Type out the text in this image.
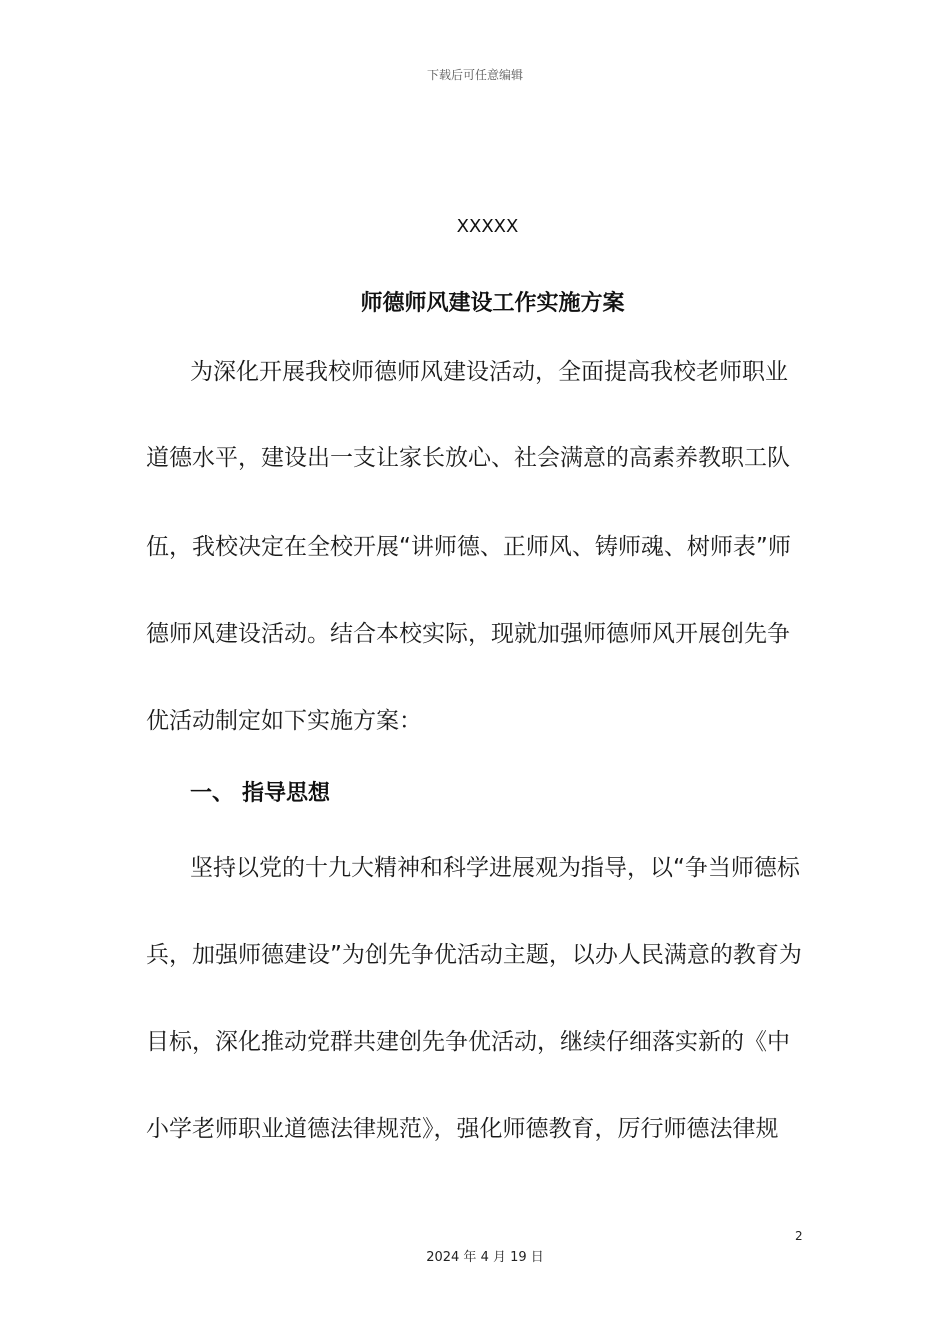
下载后可任意编辑
XXXXX
师德师风建设工作实施方案
为深化开展我校师德师风建设活动，全面提高我校老师职业
道德水平，建设出一支让家长放心、社会满意的高素养教职工队
伍，我校决定在全校开展“讲师德、正师风、铸师魂、树师表”师
德师风建设活动。结合本校实际，现就加强师德师风开展创先争
优活动制定如下实施方案：
一、 指导思想
坚持以党的十九大精神和科学进展观为指导，以“争当师德标
兵，加强师德建设”为创先争优活动主题，以办人民满意的教育为
目标，深化推动党群共建创先争优活动，继续仔细落实新的《中
小学老师职业道德法律规范》，强化师德教育，厉行师德法律规
2
2024 年 4 月 19 日
